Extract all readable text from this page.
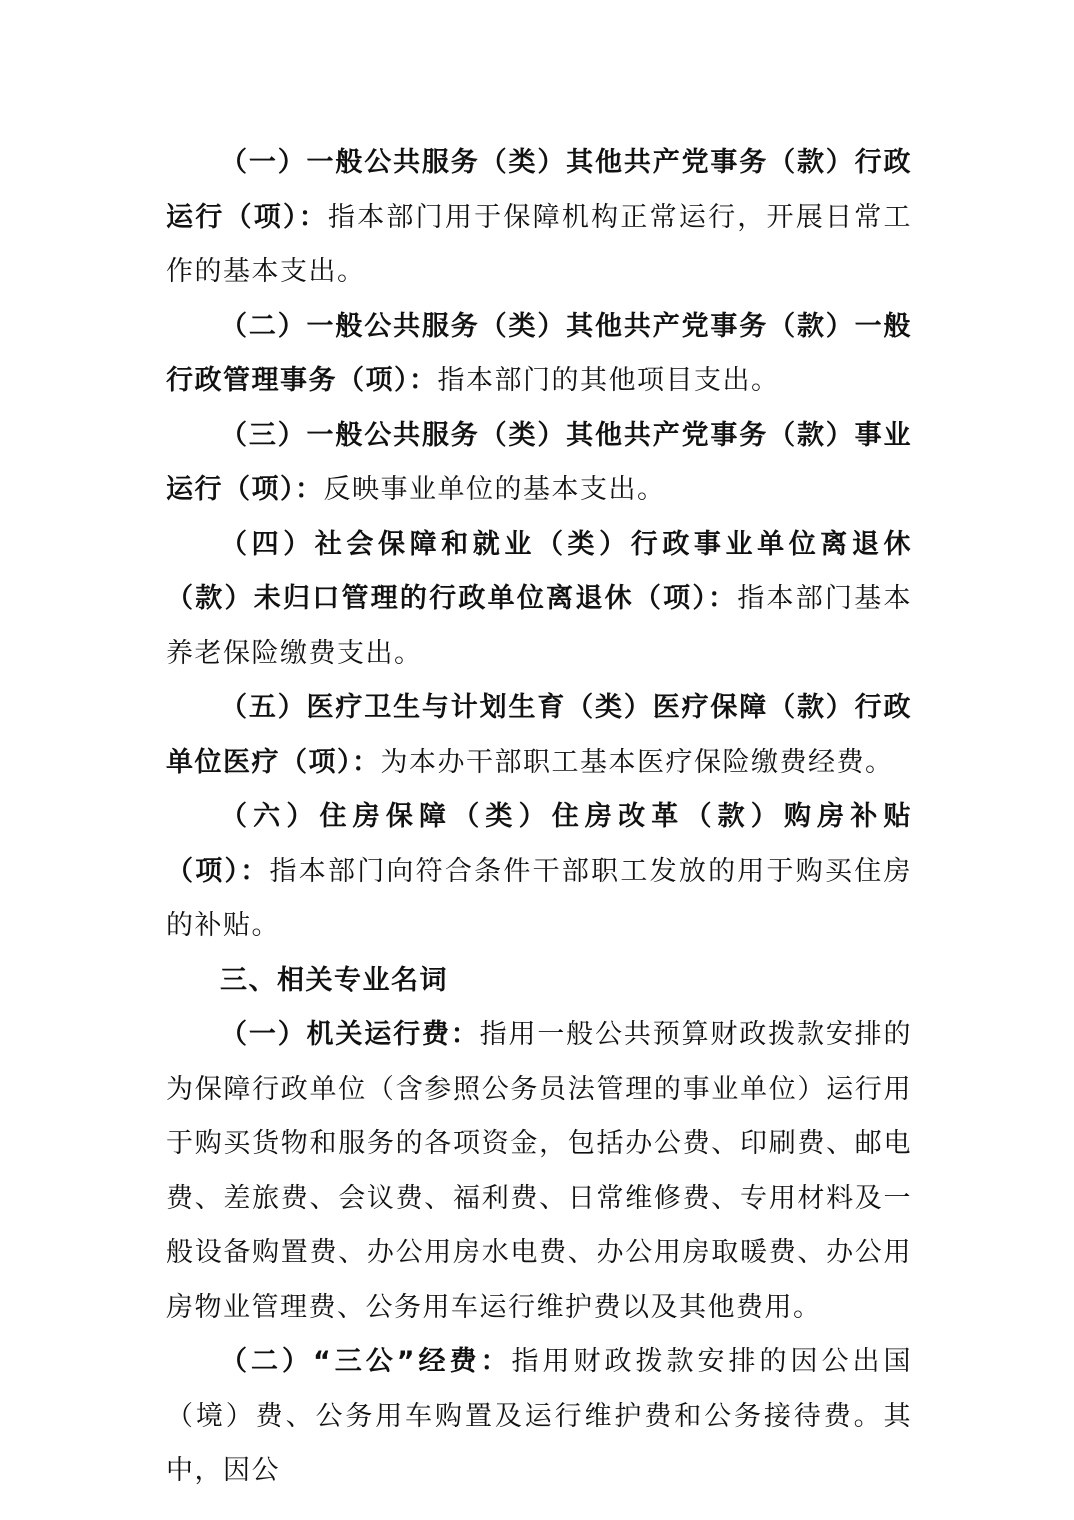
（一）一般公共服务（类）其他共产党事务（款）行政运行（项）：指本部门用于保障机构正常运行，开展日常工作的基本支出。

（二）一般公共服务（类）其他共产党事务（款）一般行政管理事务（项）：指本部门的其他项目支出。

（三）一般公共服务（类）其他共产党事务（款）事业运行（项）：反映事业单位的基本支出。

（四）社会保障和就业（类）行政事业单位离退休（款）未归口管理的行政单位离退休（项）：指本部门基本养老保险缴费支出。

（五）医疗卫生与计划生育（类）医疗保障（款）行政单位医疗（项）：为本办干部职工基本医疗保险缴费经费。

（六）住房保障（类）住房改革（款）购房补贴（项）：指本部门向符合条件干部职工发放的用于购买住房的补贴。

三、相关专业名词

（一）机关运行费：指用一般公共预算财政拨款安排的为保障行政单位（含参照公务员法管理的事业单位）运行用于购买货物和服务的各项资金，包括办公费、印刷费、邮电费、差旅费、会议费、福利费、日常维修费、专用材料及一般设备购置费、办公用房水电费、办公用房取暖费、办公用房物业管理费、公务用车运行维护费以及其他费用。

（二）“三公”经费：指用财政拨款安排的因公出国（境）费、公务用车购置及运行维护费和公务接待费。其中，因公
